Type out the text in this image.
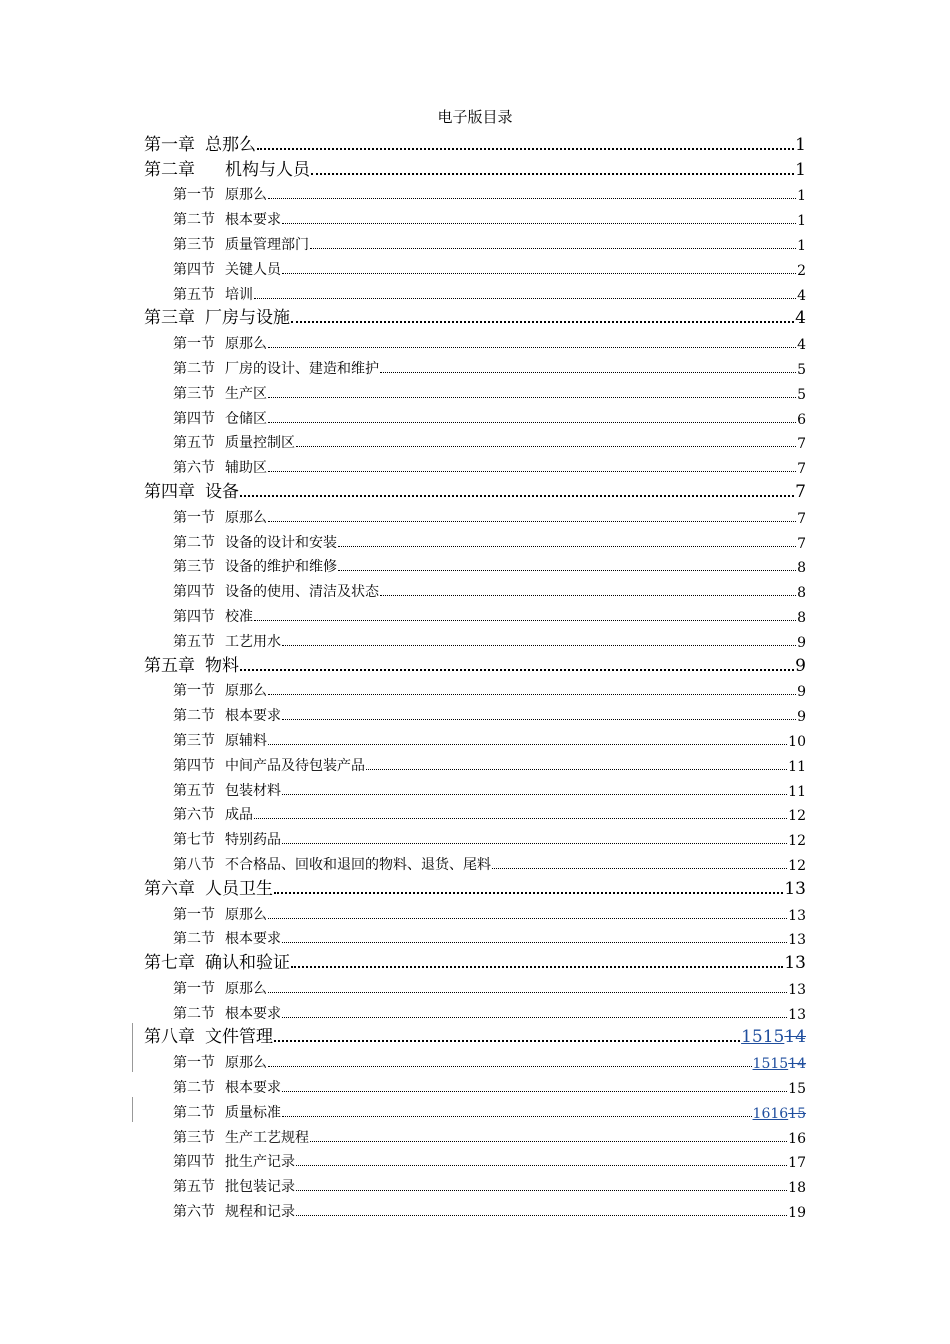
电子版目录
第一章 总那么	1
第二章 机构与人员	1
第一节 原那么	1
第二节 根本要求	1
第三节 质量管理部门	1
第四节 关键人员	2
第五节 培训	4
第三章 厂房与设施	4
第一节 原那么	4
第二节 厂房的设计、建造和维护	5
第三节 生产区	5
第四节 仓储区	6
第五节 质量控制区	7
第六节 辅助区	7
第四章 设备	7
第一节 原那么	7
第二节 设备的设计和安装	7
第三节 设备的维护和维修	8
第四节 设备的使用、清洁及状态	8
第四节 校准	8
第五节 工艺用水	9
第五章 物料	9
第一节 原那么	9
第二节 根本要求	9
第三节 原辅料	10
第四节 中间产品及待包装产品	11
第五节 包装材料	11
第六节 成品	12
第七节 特别药品	12
第八节 不合格品、回收和退回的物料、退货、尾料	12
第六章 人员卫生	13
第一节 原那么	13
第二节 根本要求	13
第七章 确认和验证	13
第一节 原那么	13
第二节 根本要求	13
第八章 文件管理	151514
第一节 原那么	151514
第二节 根本要求	15
第二节 质量标准	161615
第三节 生产工艺规程	16
第四节 批生产记录	17
第五节 批包装记录	18
第六节 规程和记录	19
